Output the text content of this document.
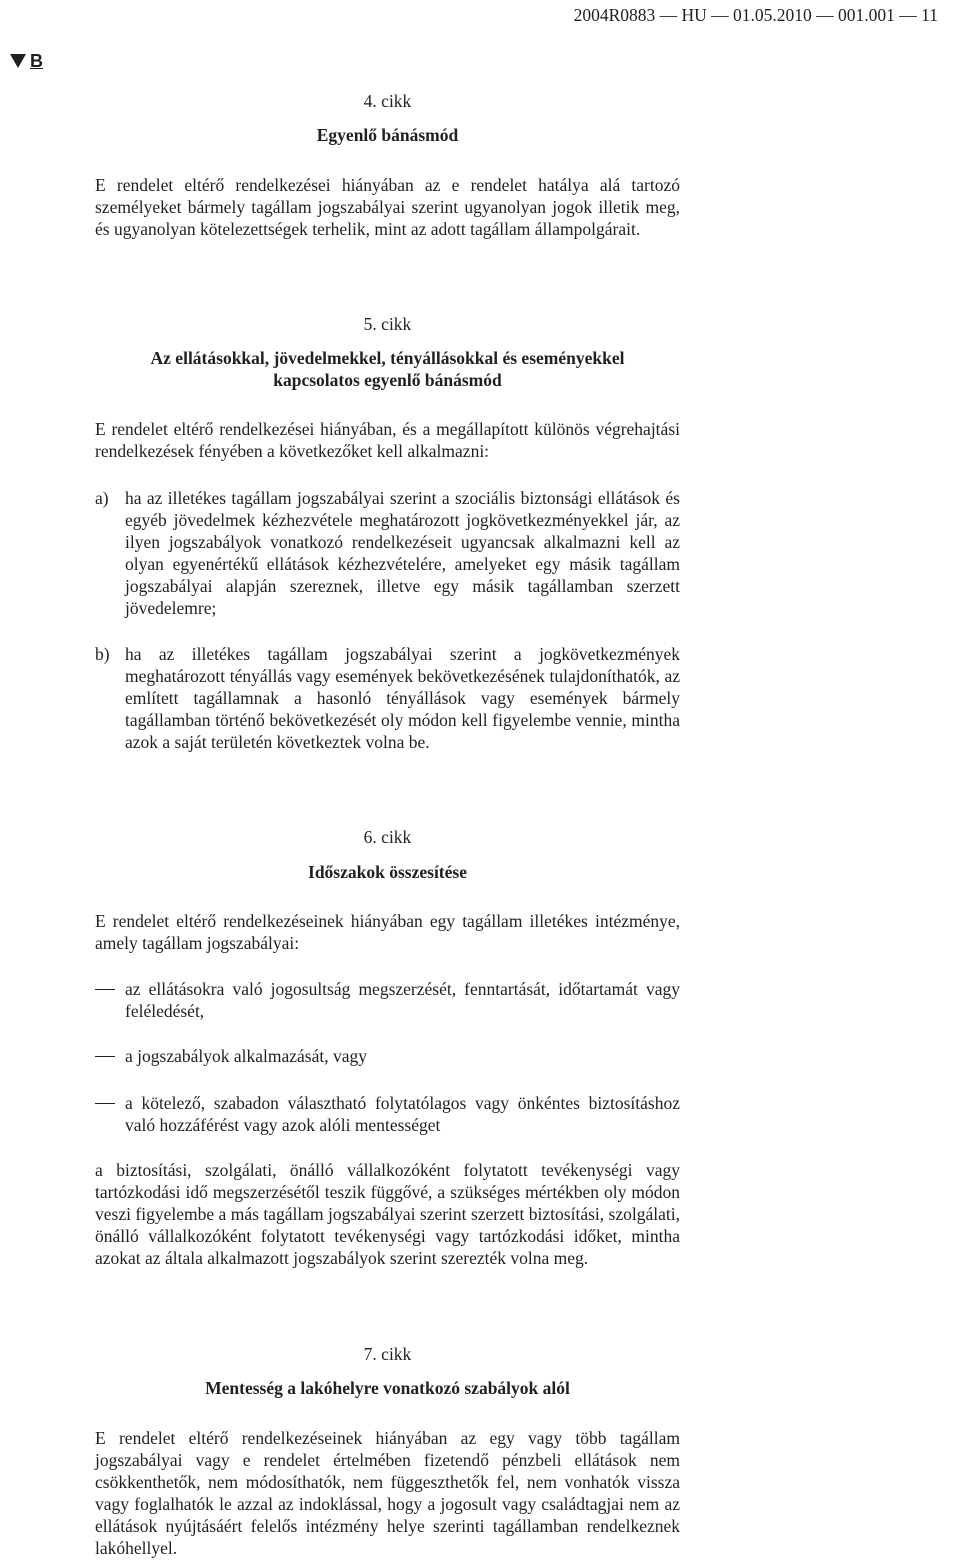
2004R0883 — HU — 01.05.2010 — 001.001 — 11
B
4. cikk
Egyenlő bánásmód
E rendelet eltérő rendelkezései hiányában az e rendelet hatálya alá tartozó személyeket bármely tagállam jogszabályai szerint ugyanolyan jogok illetik meg, és ugyanolyan kötelezettségek terhelik, mint az adott tagállam állampolgárait.
5. cikk
Az ellátásokkal, jövedelmekkel, tényállásokkal és eseményekkel kapcsolatos egyenlő bánásmód
E rendelet eltérő rendelkezései hiányában, és a megállapított különös végrehajtási rendelkezések fényében a következőket kell alkalmazni:
a) ha az illetékes tagállam jogszabályai szerint a szociális biztonsági ellátások és egyéb jövedelmek kézhezvétele meghatározott jogkövetkezményekkel jár, az ilyen jogszabályok vonatkozó rendelkezéseit ugyancsak alkalmazni kell az olyan egyenértékű ellátások kézhezvételére, amelyeket egy másik tagállam jogszabályai alapján szereznek, illetve egy másik tagállamban szerzett jövedelemre;
b) ha az illetékes tagállam jogszabályai szerint a jogkövetkezmények meghatározott tényállás vagy események bekövetkezésének tulajdoníthatók, az említett tagállamnak a hasonló tényállások vagy események bármely tagállamban történő bekövetkezését oly módon kell figyelembe vennie, mintha azok a saját területén következtek volna be.
6. cikk
Időszakok összesítése
E rendelet eltérő rendelkezéseinek hiányában egy tagállam illetékes intézménye, amely tagállam jogszabályai:
az ellátásokra való jogosultság megszerzését, fenntartását, időtartamát vagy feléledését,
a jogszabályok alkalmazását, vagy
a kötelező, szabadon választható folytatólagos vagy önkéntes biztosításhoz való hozzáférést vagy azok alóli mentességet
a biztosítási, szolgálati, önálló vállalkozóként folytatott tevékenységi vagy tartózkodási idő megszerzésétől teszik függővé, a szükséges mértékben oly módon veszi figyelembe a más tagállam jogszabályai szerint szerzett biztosítási, szolgálati, önálló vállalkozóként folytatott tevékenységi vagy tartózkodási időket, mintha azokat az általa alkalmazott jogszabályok szerint szerezték volna meg.
7. cikk
Mentesség a lakóhelyre vonatkozó szabályok alól
E rendelet eltérő rendelkezéseinek hiányában az egy vagy több tagállam jogszabályai vagy e rendelet értelmében fizetendő pénzbeli ellátások nem csökkenthetők, nem módosíthatók, nem függeszthetők fel, nem vonhatók vissza vagy foglalhatók le azzal az indoklással, hogy a jogosult vagy családtagjai nem az ellátások nyújtásáért felelős intézmény helye szerinti tagállamban rendelkeznek lakóhellyel.
